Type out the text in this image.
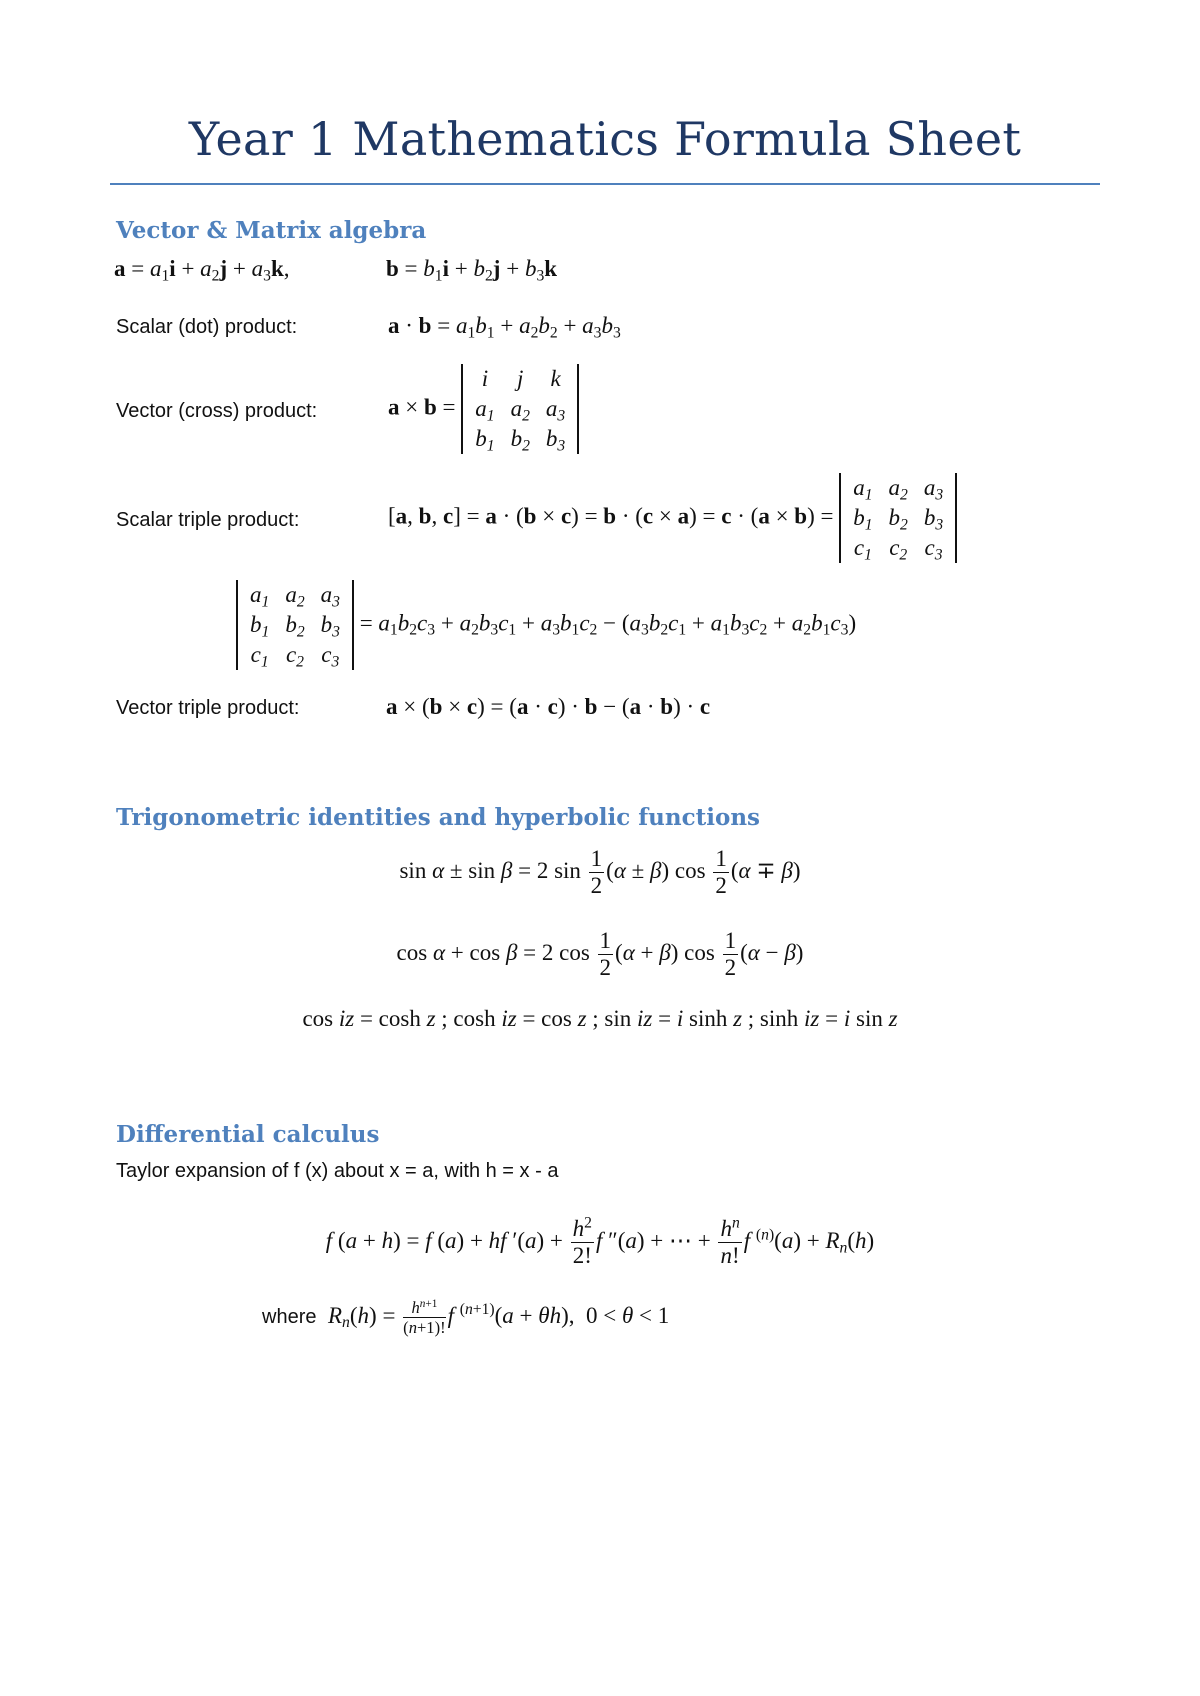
Year 1 Mathematics Formula Sheet
Vector & Matrix algebra
$a = a_1i + a_2j + a_3k$,	$b = b_1i + b_2j + b_3k$
Scalar (dot) product:	$a \cdot b = a_1b_1 + a_2b_2 + a_3b_3$
Vector (cross) product:	a × b =
i	j	k
$a_1$	$a_2$	$a_3$
$b_1$	$b_2$	$b_3$
Scalar triple product:	[a, b, c] = a · (b × c) = b · (c × a) = c · (a × b) =
$a_1$	$a_2$	$a_3$
$b_1$	$b_2$	$b_3$
$c_1$	$c_2$	$c_3$
$a_1$	$a_2$	$a_3$
$b_1$	$b_2$	$b_3$
$c_1$	$c_2$	$c_3$
= $a_1b_2c_3 + a_2b_3c_1 + a_3b_1c_2 - (a_3b_2c_1 + a_1b_3c_2 + a_2b_1c_3)$
Vector triple product:	a × (b × c) = (a · c) · b − (a · b) · c
Trigonometric identities and hyperbolic functions
sin α ± sin β = 2 $\sin \frac{1}{2} (\alpha \pm \beta)$ $\cos \frac{1}{2} (\alpha \mp \beta)$
cos α + cos β = 2 $\cos \frac{1}{2} (\alpha + \beta)$ $\cos \frac{1}{2} (\alpha - \beta)$
cos iz = cosh z ; cosh iz = cos z ; sin iz = i sinh z ; sinh iz = i sin z
Differential calculus
Taylor expansion of f (x) about x = a, with h = x - a
f (a + h) = f (a) + hf $'(a) + \frac{h^2}{2!}$ f ″(a) + ⋯ + $\frac{h^n}{n!}$ f $^{(n)}(a) + R_n(h)$
where $R_n(h) = \frac{h^{n+1}}{(n+1)!}$ f $^{(n+1)}$(a + θh),  0 < θ < 1
